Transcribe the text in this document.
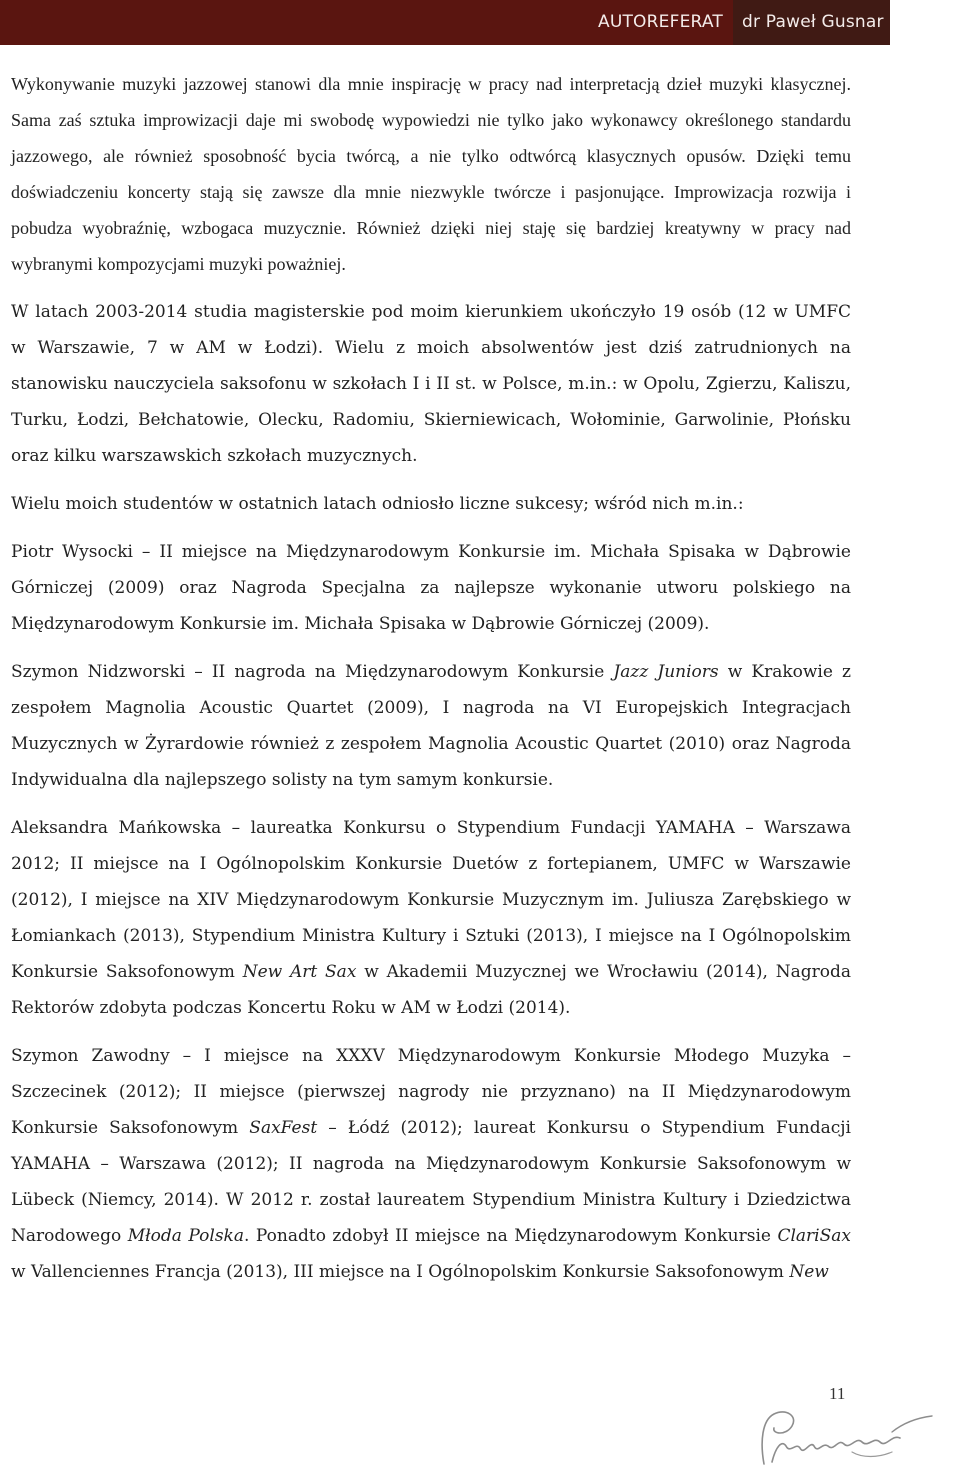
AUTOREFERAT dr Paweł Gusnar

Wykonywanie muzyki jazzowej stanowi dla mnie inspirację w pracy nad interpretacją dzieł muzyki klasycznej. Sama zaś sztuka improwizacji daje mi swobodę wypowiedzi nie tylko jako wykonawcy określonego standardu jazzowego, ale również sposobność bycia twórcą, a nie tylko odtwórcą klasycznych opusów. Dzięki temu doświadczeniu koncerty stają się zawsze dla mnie niezwykle twórcze i pasjonujące. Improwizacja rozwija i pobudza wyobraźnię, wzbogaca muzycznie. Również dzięki niej staję się bardziej kreatywny w pracy nad wybranymi kompozycjami muzyki poważniej.

W latach 2003-2014 studia magisterskie pod moim kierunkiem ukończyło 19 osób (12 w UMFC w Warszawie, 7 w AM w Łodzi). Wielu z moich absolwentów jest dziś zatrudnionych na stanowisku nauczyciela saksofonu w szkołach I i II st. w Polsce, m.in.: w Opolu, Zgierzu, Kaliszu, Turku, Łodzi, Bełchatowie, Olecku, Radomiu, Skierniewicach, Wołominie, Garwolinie, Płońsku oraz kilku warszawskich szkołach muzycznych.

Wielu moich studentów w ostatnich latach odniosło liczne sukcesy; wśród nich m.in.:

Piotr Wysocki – II miejsce na Międzynarodowym Konkursie im. Michała Spisaka w Dąbrowie Górniczej (2009) oraz Nagroda Specjalna za najlepsze wykonanie utworu polskiego na Międzynarodowym Konkursie im. Michała Spisaka w Dąbrowie Górniczej (2009).

Szymon Nidzworski – II nagroda na Międzynarodowym Konkursie Jazz Juniors w Krakowie z zespołem Magnolia Acoustic Quartet (2009), I nagroda na VI Europejskich Integracjach Muzycznych w Żyrardowie również z zespołem Magnolia Acoustic Quartet (2010) oraz Nagroda Indywidualna dla najlepszego solisty na tym samym konkursie.

Aleksandra Mańkowska – laureatka Konkursu o Stypendium Fundacji YAMAHA – Warszawa 2012; II miejsce na I Ogólnopolskim Konkursie Duetów z fortepianem, UMFC w Warszawie (2012), I miejsce na XIV Międzynarodowym Konkursie Muzycznym im. Juliusza Zarębskiego w Łomiankach (2013), Stypendium Ministra Kultury i Sztuki (2013), I miejsce na I Ogólnopolskim Konkursie Saksofonowym New Art Sax w Akademii Muzycznej we Wrocławiu (2014), Nagroda Rektorów zdobyta podczas Koncertu Roku w AM w Łodzi (2014).

Szymon Zawodny – I miejsce na XXXV Międzynarodowym Konkursie Młodego Muzyka – Szczecinek (2012); II miejsce (pierwszej nagrody nie przyznano) na II Międzynarodowym Konkursie Saksofonowym SaxFest – Łódź (2012); laureat Konkursu o Stypendium Fundacji YAMAHA – Warszawa (2012); II nagroda na Międzynarodowym Konkursie Saksofonowym w Lübeck (Niemcy, 2014). W 2012 r. został laureatem Stypendium Ministra Kultury i Dziedzictwa Narodowego Młoda Polska. Ponadto zdobył II miejsce na Międzynarodowym Konkursie ClariSax w Vallenciennes Francja (2013), III miejsce na I Ogólnopolskim Konkursie Saksofonowym New

11
